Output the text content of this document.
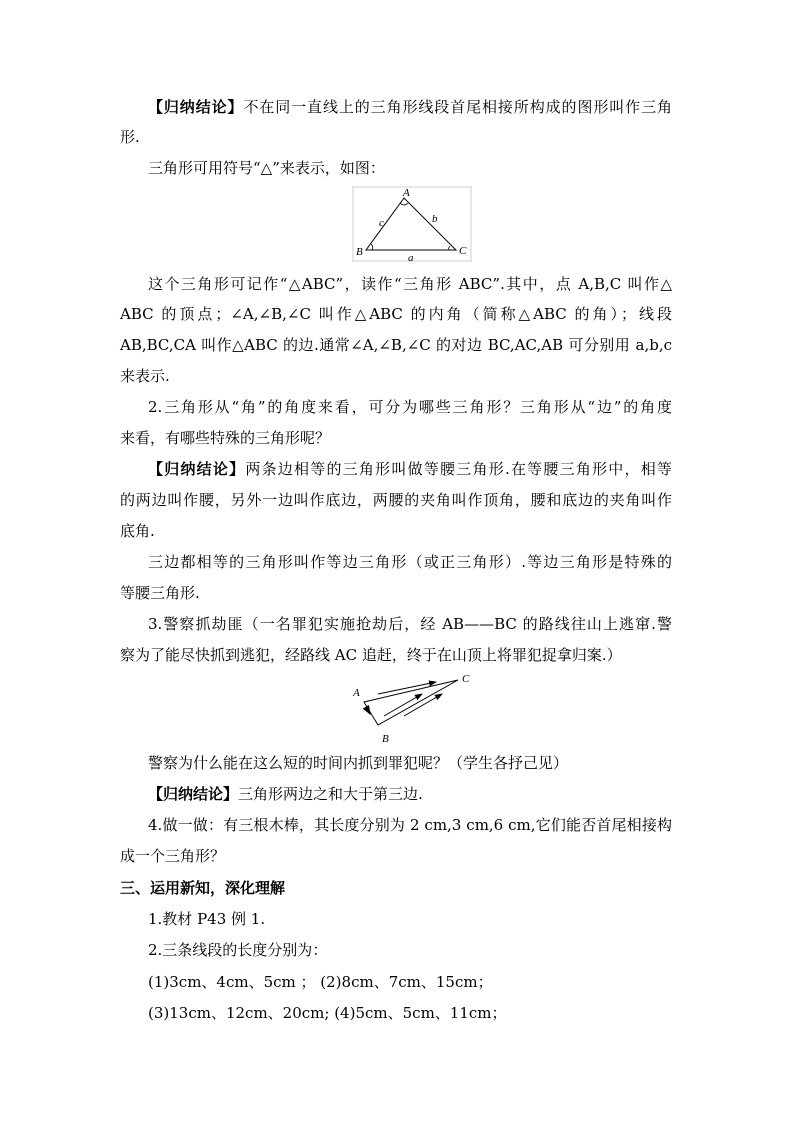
【归纳结论】不在同一直线上的三角形线段首尾相接所构成的图形叫作三角
形.
三角形可用符号“△”来表示，如图：
A
B	C
a
b
c
这个三角形可记作“△ABC”，读作“三角形 ABC”.其中，点 A,B,C 叫作△
ABC 的顶点；∠A,∠B,∠C 叫作△ABC 的内角（简称△ABC 的角）；线段
AB,BC,CA 叫作△ABC 的边.通常∠A,∠B,∠C 的对边 BC,AC,AB 可分别用 a,b,c
来表示.
2.三角形从“角”的角度来看，可分为哪些三角形？三角形从“边”的角度
来看，有哪些特殊的三角形呢？
【归纳结论】两条边相等的三角形叫做等腰三角形.在等腰三角形中，相等
的两边叫作腰，另外一边叫作底边，两腰的夹角叫作顶角，腰和底边的夹角叫作
底角.
三边都相等的三角形叫作等边三角形（或正三角形）.等边三角形是特殊的
等腰三角形.
3.警察抓劫匪（一名罪犯实施抢劫后，经 AB——BC 的路线往山上逃窜.警
察为了能尽快抓到逃犯，经路线 AC 追赶，终于在山顶上将罪犯捉拿归案.）
A
B
C
警察为什么能在这么短的时间内抓到罪犯呢？（学生各抒己见）
【归纳结论】三角形两边之和大于第三边.
4.做一做：有三根木棒，其长度分别为 2 cm,3 cm,6 cm,它们能否首尾相接构
成一个三角形？
三、运用新知，深化理解
1.教材 P43 例 1.
2.三条线段的长度分别为：
(1)3cm、4cm、5cm ； (2)8cm、7cm、15cm；
(3)13cm、12cm、20cm; (4)5cm、5cm、11cm；
